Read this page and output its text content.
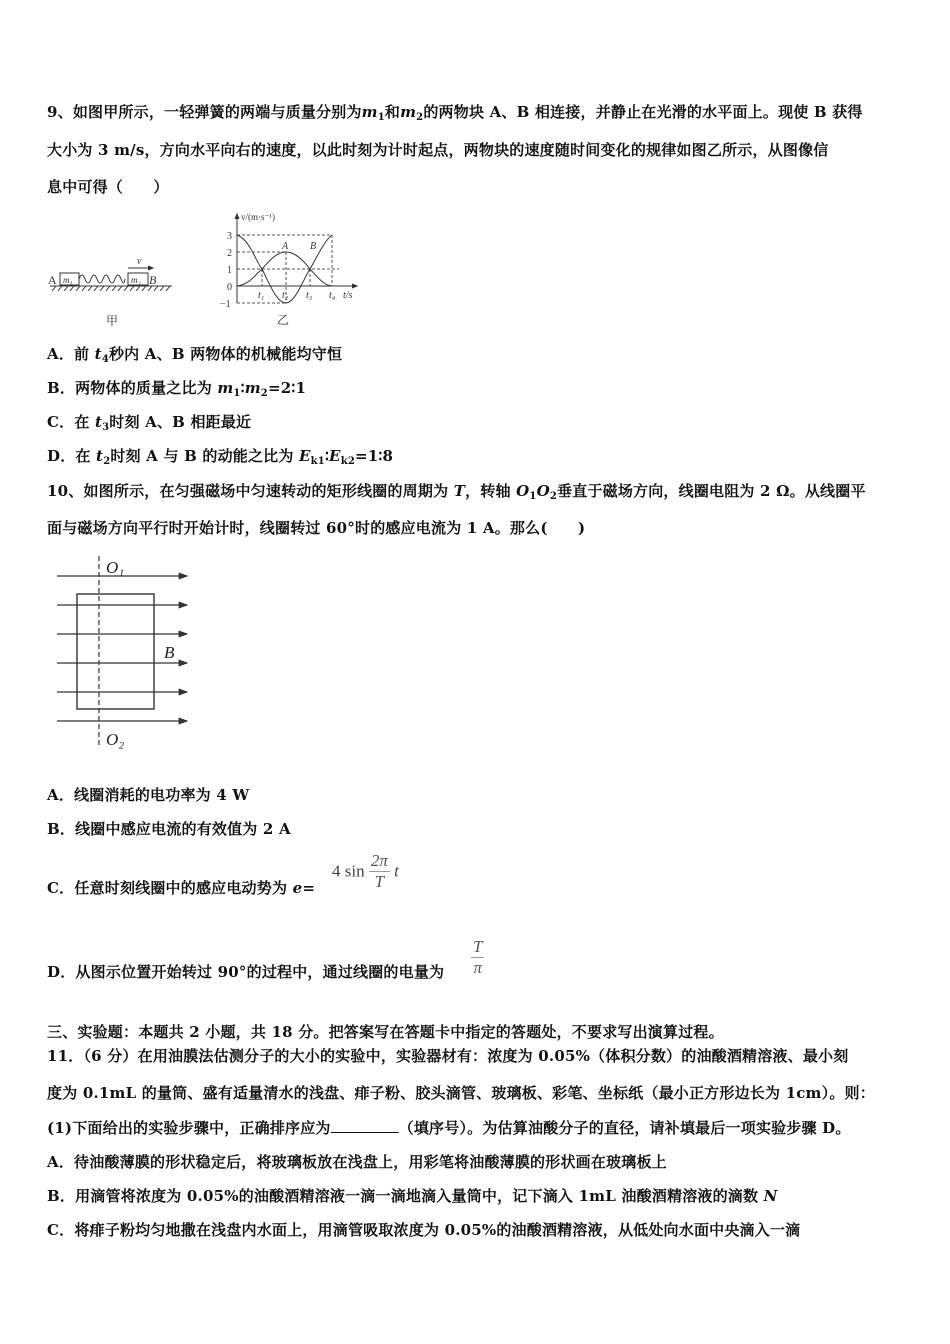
9、如图甲所示，一轻弹簧的两端与质量分别为$m_1$和$m_2$的两物块 A、B 相连接，并静止在光滑的水平面上。现使 B 获得
大小为 3 m/s，方向水平向右的速度，以此时刻为计时起点，两物块的速度随时间变化的规律如图乙所示，从图像信
息中可得（　　）
A m₁	m₂ B
v
甲
v/(m·s⁻¹)
3
2
1
0
−1
t₁ t₂ t₃ t₄ t/s
A B
乙
A．前 $t_4$秒内 A、B 两物体的机械能均守恒
B．两物体的质量之比为 $m_1∶m_2=2∶1$
C．在 $t_3$时刻 A、B 相距最近
D．在 $t_2$时刻 A 与 B 的动能之比为 $E_{k1}∶E_{k2}=1∶8$
10、如图所示，在匀强磁场中匀速转动的矩形线圈的周期为 T，转轴 $O_1O_2$垂直于磁场方向，线圈电阻为 2 Ω。从线圈平
面与磁场方向平行时开始计时，线圈转过 60°时的感应电流为 1 A。那么(　　)
O₁
O₂
B
A．线圈消耗的电功率为 4 W
B．线圈中感应电流的有效值为 2 A
C．任意时刻线圈中的感应电动势为 e=
4 $\sin \frac{2\pi}{T}$ t
D．从图示位置开始转过 90°的过程中，通过线圈的电量为 $\frac{T}{\pi}$
三、实验题：本题共 2 小题，共 18 分。把答案写在答题卡中指定的答题处，不要求写出演算过程。
11．（6 分）在用油膜法估测分子的大小的实验中，实验器材有：浓度为 0.05%（体积分数）的油酸酒精溶液、最小刻
度为 0.1mL 的量筒、盛有适量清水的浅盘、痱子粉、胶头滴管、玻璃板、彩笔、坐标纸（最小正方形边长为 1cm）。则：
(1)下面给出的实验步骤中，正确排序应为	（填序号）。为估算油酸分子的直径，请补填最后一项实验步骤 D。
A．待油酸薄膜的形状稳定后，将玻璃板放在浅盘上，用彩笔将油酸薄膜的形状画在玻璃板上
B．用滴管将浓度为 0.05%的油酸酒精溶液一滴一滴地滴入量筒中，记下滴入 1mL 油酸酒精溶液的滴数 N
C．将痱子粉均匀地撒在浅盘内水面上，用滴管吸取浓度为 0.05%的油酸酒精溶液，从低处向水面中央滴入一滴
